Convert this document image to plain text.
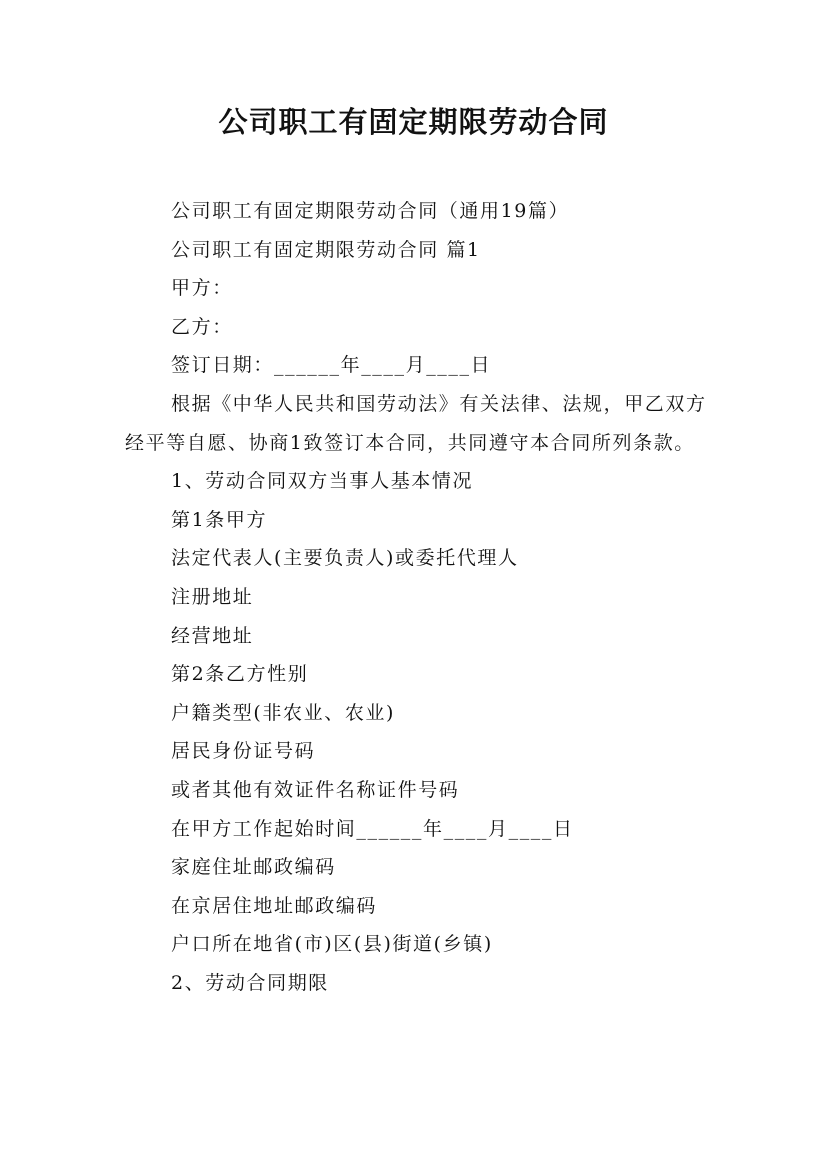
公司职工有固定期限劳动合同

公司职工有固定期限劳动合同（通用19篇）

公司职工有固定期限劳动合同 篇1

甲方：

乙方：

签订日期：______年____月____日

根据《中华人民共和国劳动法》有关法律、法规，甲乙双方经平等自愿、协商1致签订本合同，共同遵守本合同所列条款。

1、劳动合同双方当事人基本情况

第1条甲方

法定代表人(主要负责人)或委托代理人

注册地址

经营地址

第2条乙方性别

户籍类型(非农业、农业)

居民身份证号码

或者其他有效证件名称证件号码

在甲方工作起始时间______年____月____日

家庭住址邮政编码

在京居住地址邮政编码

户口所在地省(市)区(县)街道(乡镇)

2、劳动合同期限
